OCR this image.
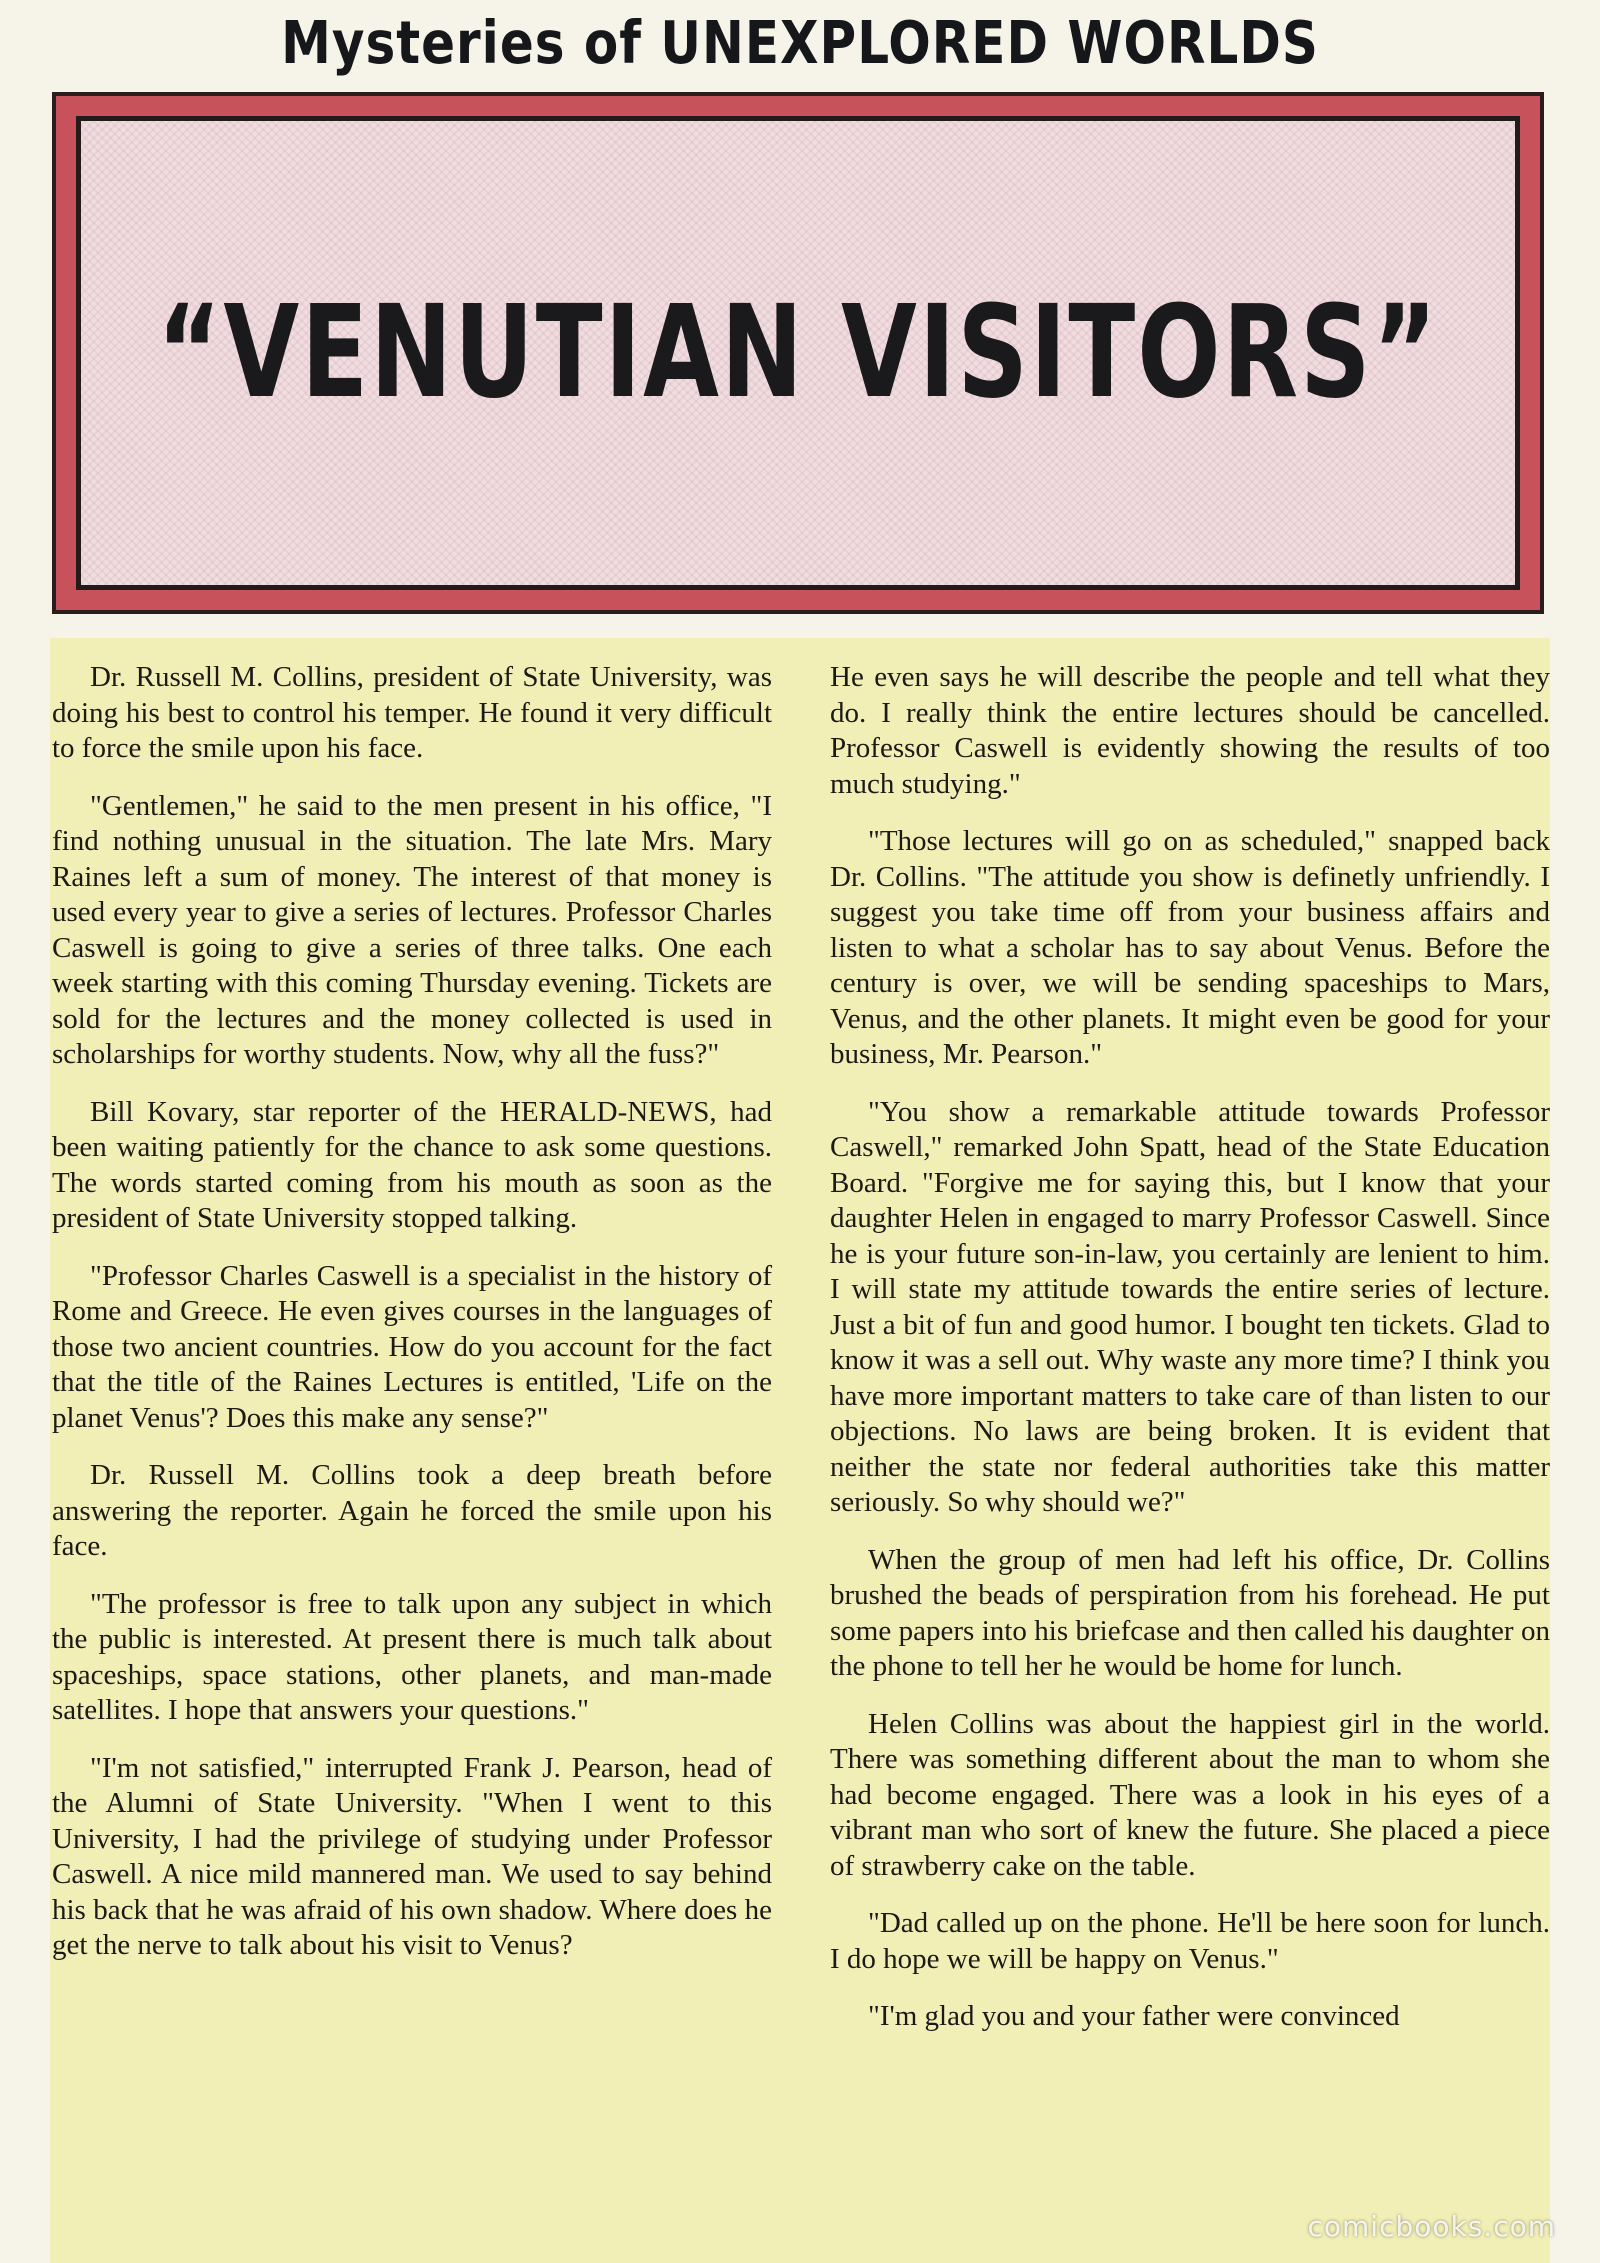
Mysteries of UNEXPLORED WORLDS
“VENUTIAN VISITORS”

Dr. Russell M. Collins, president of State University, was doing his best to control his temper. He found it very difficult to force the smile upon his face.

"Gentlemen," he said to the men present in his office, "I find nothing unusual in the situation. The late Mrs. Mary Raines left a sum of money. The interest of that money is used every year to give a series of lectures. Professor Charles Caswell is going to give a series of three talks. One each week starting with this coming Thursday evening. Tickets are sold for the lectures and the money collected is used in scholarships for worthy students. Now, why all the fuss?"

Bill Kovary, star reporter of the HERALD-NEWS, had been waiting patiently for the chance to ask some questions. The words started coming from his mouth as soon as the president of State University stopped talking.

"Professor Charles Caswell is a specialist in the history of Rome and Greece. He even gives courses in the languages of those two ancient countries. How do you account for the fact that the title of the Raines Lectures is entitled, 'Life on the planet Venus'? Does this make any sense?"

Dr. Russell M. Collins took a deep breath before answering the reporter. Again he forced the smile upon his face.

"The professor is free to talk upon any subject in which the public is interested. At present there is much talk about spaceships, space stations, other planets, and man-made satellites. I hope that answers your questions."

"I'm not satisfied," interrupted Frank J. Pearson, head of the Alumni of State University. "When I went to this University, I had the privilege of studying under Professor Caswell. A nice mild mannered man. We used to say behind his back that he was afraid of his own shadow. Where does he get the nerve to talk about his visit to Venus?

He even says he will describe the people and tell what they do. I really think the entire lectures should be cancelled. Professor Caswell is evidently showing the results of too much studying."

"Those lectures will go on as scheduled," snapped back Dr. Collins. "The attitude you show is definetly unfriendly. I suggest you take time off from your business affairs and listen to what a scholar has to say about Venus. Before the century is over, we will be sending spaceships to Mars, Venus, and the other planets. It might even be good for your business, Mr. Pearson."

"You show a remarkable attitude towards Professor Caswell," remarked John Spatt, head of the State Education Board. "Forgive me for saying this, but I know that your daughter Helen in engaged to marry Professor Caswell. Since he is your future son-in-law, you certainly are lenient to him. I will state my attitude towards the entire series of lecture. Just a bit of fun and good humor. I bought ten tickets. Glad to know it was a sell out. Why waste any more time? I think you have more important matters to take care of than listen to our objections. No laws are being broken. It is evident that neither the state nor federal authorities take this matter seriously. So why should we?"

When the group of men had left his office, Dr. Collins brushed the beads of perspiration from his forehead. He put some papers into his briefcase and then called his daughter on the phone to tell her he would be home for lunch.

Helen Collins was about the happiest girl in the world. There was something different about the man to whom she had become engaged. There was a look in his eyes of a vibrant man who sort of knew the future. She placed a piece of strawberry cake on the table.

"Dad called up on the phone. He'll be here soon for lunch. I do hope we will be happy on Venus."

"I'm glad you and your father were convinced

comicbooks.com
